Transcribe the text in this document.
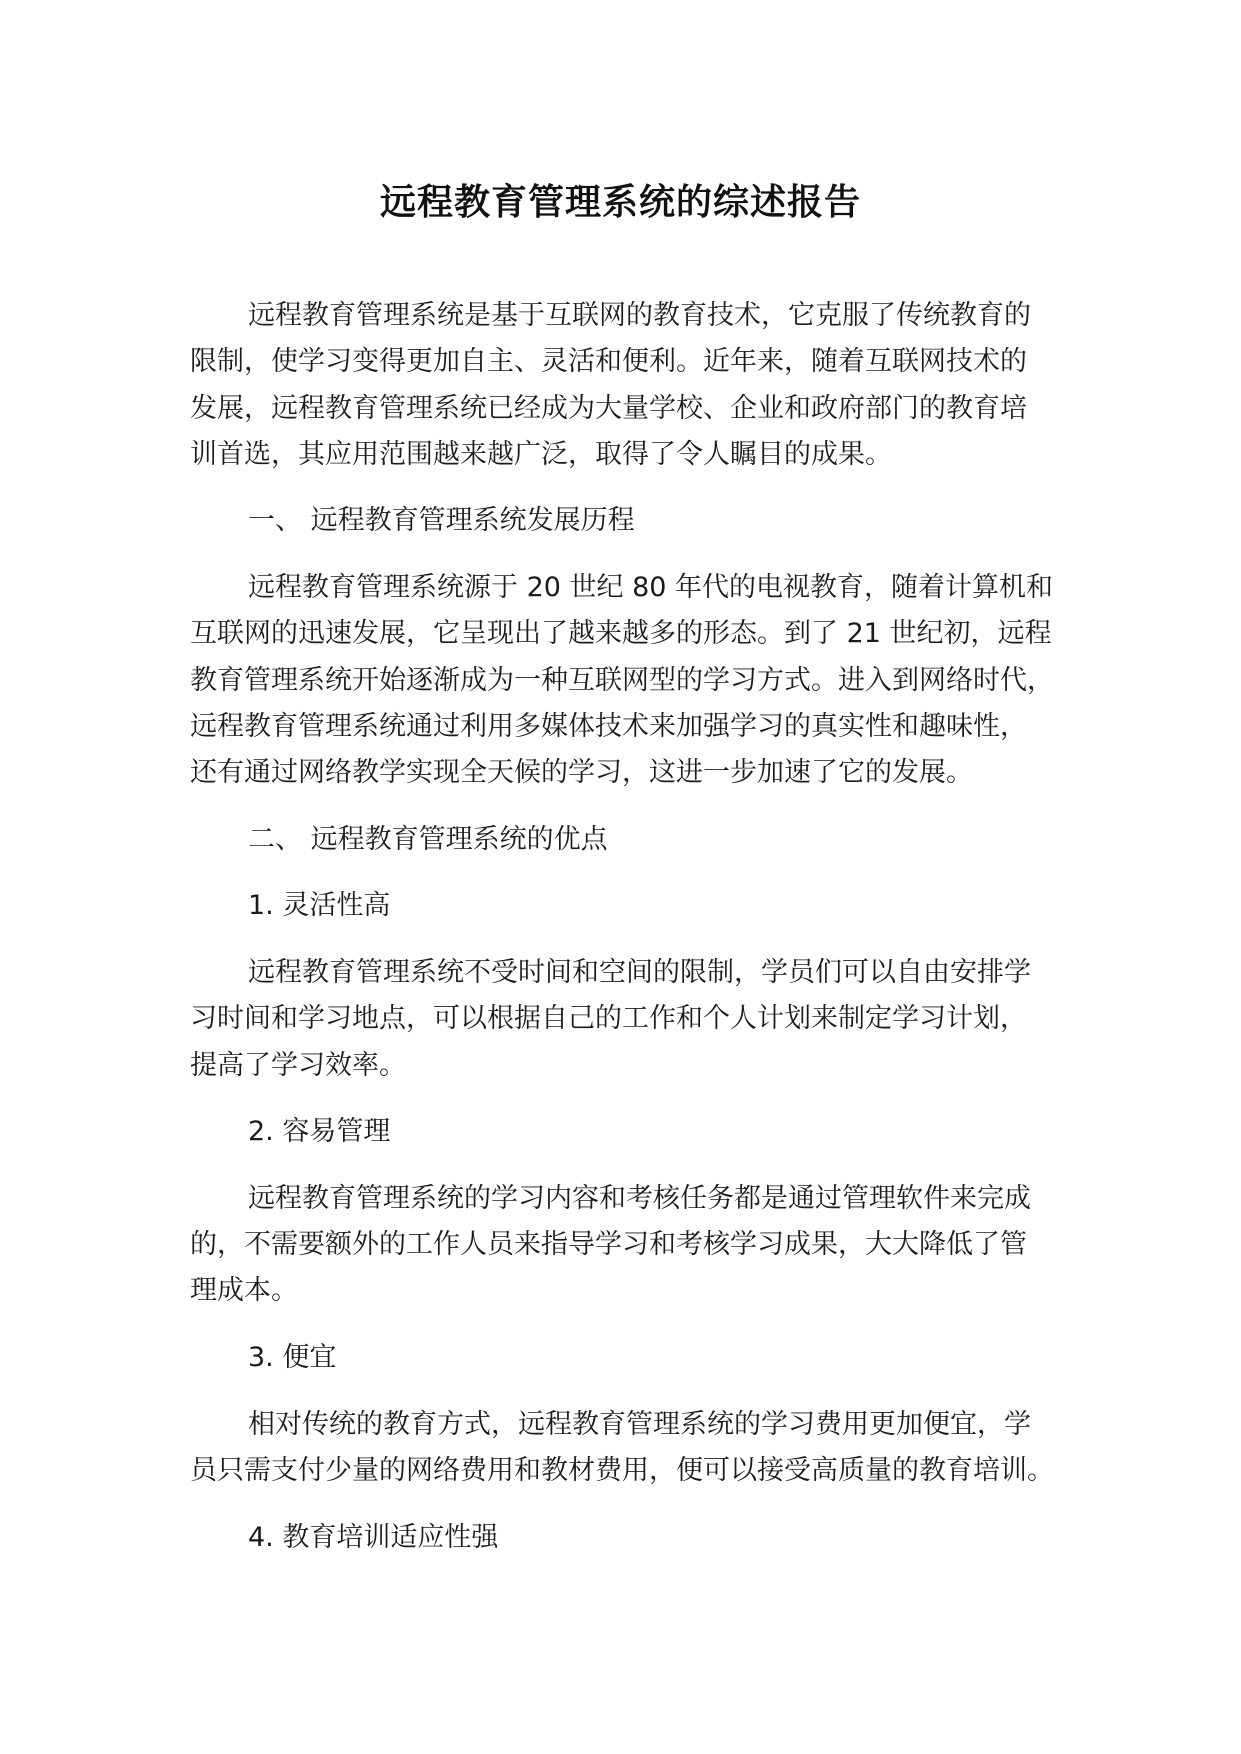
远程教育管理系统的综述报告
远程教育管理系统是基于互联网的教育技术，它克服了传统教育的
限制，使学习变得更加自主、灵活和便利。近年来，随着互联网技术的
发展，远程教育管理系统已经成为大量学校、企业和政府部门的教育培
训首选，其应用范围越来越广泛，取得了令人瞩目的成果。
一、 远程教育管理系统发展历程
远程教育管理系统源于 20 世纪 80 年代的电视教育，随着计算机和
互联网的迅速发展，它呈现出了越来越多的形态。到了 21 世纪初，远程
教育管理系统开始逐渐成为一种互联网型的学习方式。进入到网络时代，
远程教育管理系统通过利用多媒体技术来加强学习的真实性和趣味性，
还有通过网络教学实现全天候的学习，这进一步加速了它的发展。
二、 远程教育管理系统的优点
1. 灵活性高
远程教育管理系统不受时间和空间的限制，学员们可以自由安排学
习时间和学习地点，可以根据自己的工作和个人计划来制定学习计划，
提高了学习效率。
2. 容易管理
远程教育管理系统的学习内容和考核任务都是通过管理软件来完成
的，不需要额外的工作人员来指导学习和考核学习成果，大大降低了管
理成本。
3. 便宜
相对传统的教育方式，远程教育管理系统的学习费用更加便宜，学
员只需支付少量的网络费用和教材费用，便可以接受高质量的教育培训。
4. 教育培训适应性强
